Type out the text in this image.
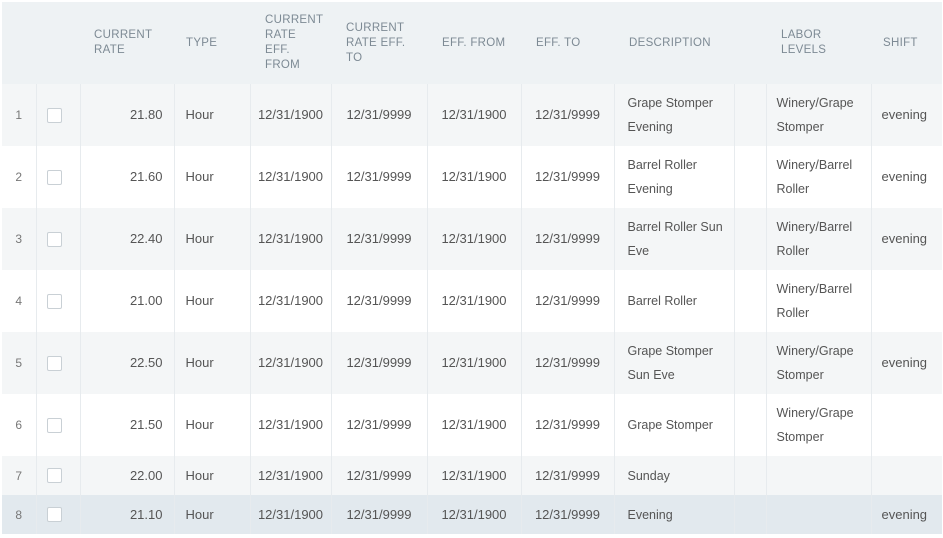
		CURRENT RATE	TYPE	CURRENT RATE EFF. FROM	CURRENT RATE EFF. TO	EFF. FROM	EFF. TO	DESCRIPTION		LABOR LEVELS	SHIFT
1		21.80	Hour	12/31/1900	12/31/9999	12/31/1900	12/31/9999	Grape Stomper Evening		Winery/Grape Stomper	evening
2		21.60	Hour	12/31/1900	12/31/9999	12/31/1900	12/31/9999	Barrel Roller Evening		Winery/Barrel Roller	evening
3		22.40	Hour	12/31/1900	12/31/9999	12/31/1900	12/31/9999	Barrel Roller Sun Eve		Winery/Barrel Roller	evening
4		21.00	Hour	12/31/1900	12/31/9999	12/31/1900	12/31/9999	Barrel Roller		Winery/Barrel Roller	

5		22.50	Hour	12/31/1900	12/31/9999	12/31/1900	12/31/9999	Grape Stomper Sun Eve		Winery/Grape Stomper	evening
6		21.50	Hour	12/31/1900	12/31/9999	12/31/1900	12/31/9999	Grape Stomper		Winery/Grape Stomper	

7		22.00	Hour	12/31/1900	12/31/9999	12/31/1900	12/31/9999	Sunday			

8		21.10	Hour	12/31/1900	12/31/9999	12/31/1900	12/31/9999	Evening			evening
